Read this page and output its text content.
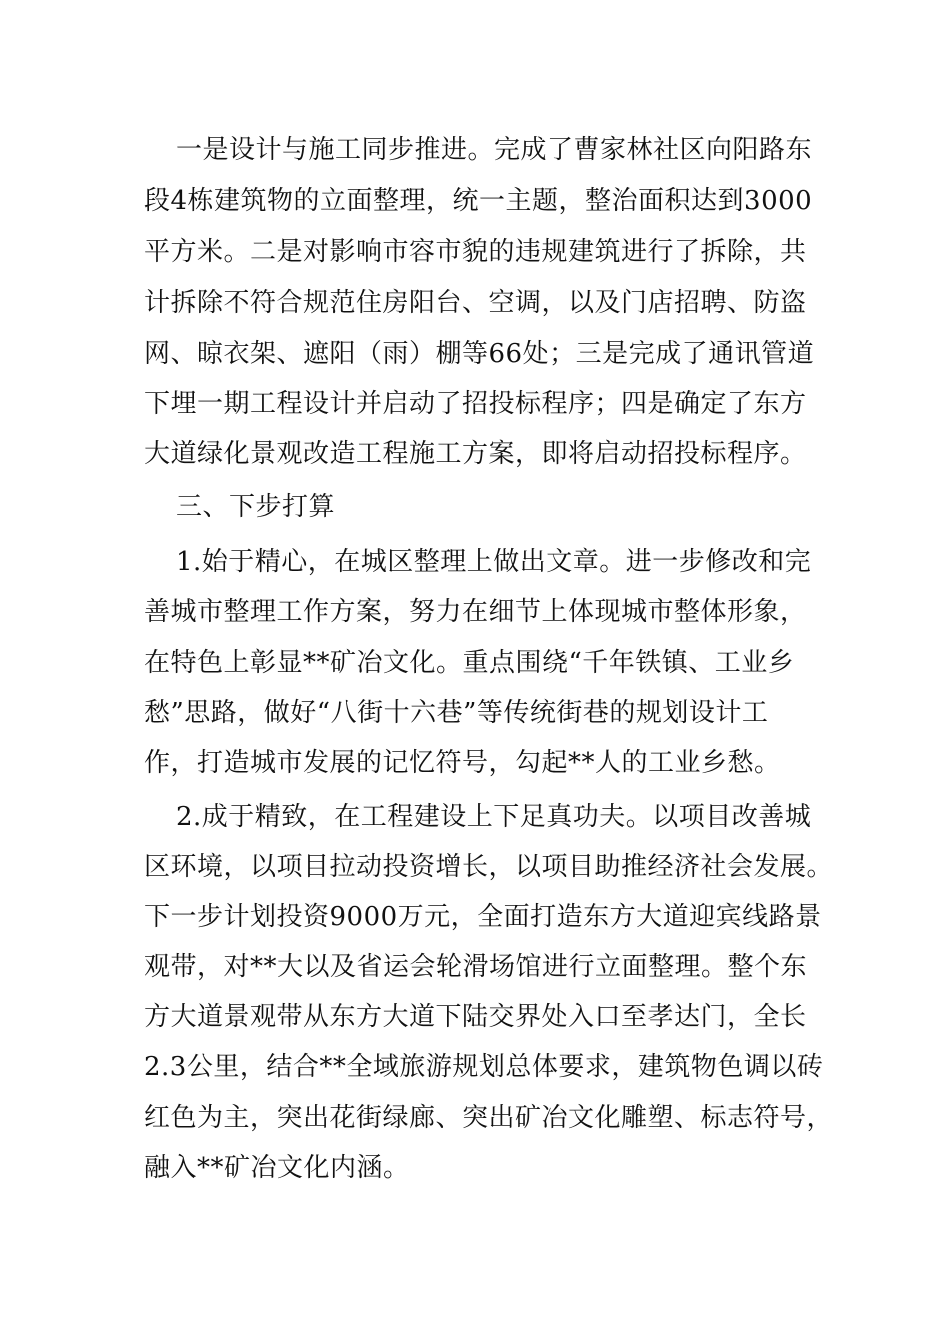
一是设计与施工同步推进。完成了曹家林社区向阳路东
段4栋建筑物的立面整理，统一主题，整治面积达到3000
平方米。二是对影响市容市貌的违规建筑进行了拆除，共
计拆除不符合规范住房阳台、空调，以及门店招聘、防盗
网、晾衣架、遮阳（雨）棚等66处；三是完成了通讯管道
下埋一期工程设计并启动了招投标程序；四是确定了东方
大道绿化景观改造工程施工方案，即将启动招投标程序。
三、下步打算
1.始于精心，在城区整理上做出文章。进一步修改和完
善城市整理工作方案，努力在细节上体现城市整体形象，
在特色上彰显**矿冶文化。重点围绕“千年铁镇、工业乡
愁”思路，做好“八街十六巷”等传统街巷的规划设计工
作，打造城市发展的记忆符号，勾起**人的工业乡愁。
2.成于精致，在工程建设上下足真功夫。以项目改善城
区环境，以项目拉动投资增长，以项目助推经济社会发展。
下一步计划投资9000万元，全面打造东方大道迎宾线路景
观带，对**大以及省运会轮滑场馆进行立面整理。整个东
方大道景观带从东方大道下陆交界处入口至孝达门，全长
2.3公里，结合**全域旅游规划总体要求，建筑物色调以砖
红色为主，突出花街绿廊、突出矿冶文化雕塑、标志符号，
融入**矿冶文化内涵。
